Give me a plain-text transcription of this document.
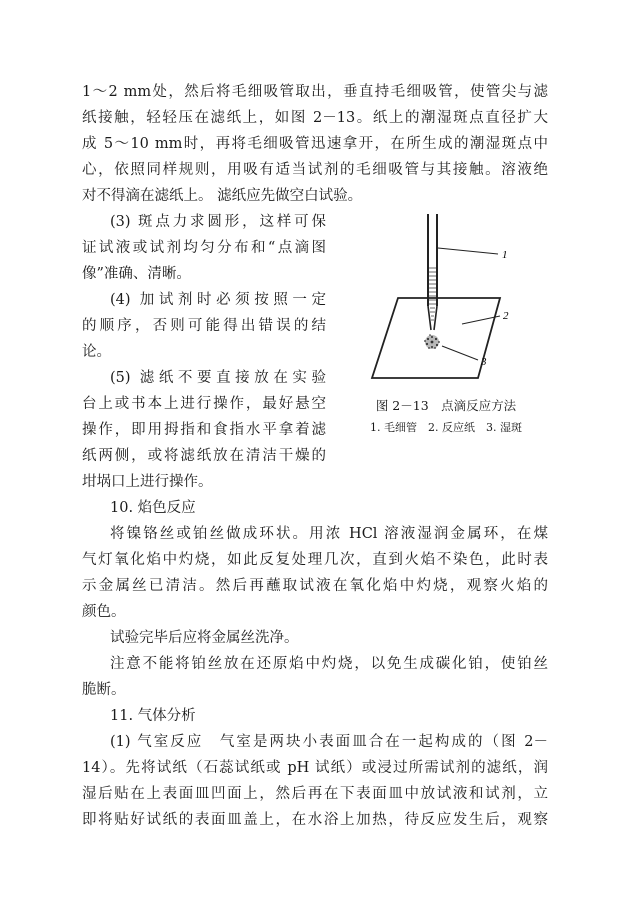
1～2 mm处，然后将毛细吸管取出，垂直持毛细吸管，使管尖与滤
纸接触，轻轻压在滤纸上，如图 2－13。纸上的潮湿斑点直径扩大
成 5～10 mm时，再将毛细吸管迅速拿开，在所生成的潮湿斑点中
心，依照同样规则，用吸有适当试剂的毛细吸管与其接触。溶液绝
对不得滴在滤纸上。 滤纸应先做空白试验。
(3) 斑点力求圆形，这样可保
证试液或试剂均匀分布和“点滴图
像”准确、清晰。
(4) 加试剂时必须按照一定
的顺序，否则可能得出错误的结
论。
(5) 滤纸不要直接放在实验
台上或书本上进行操作，最好悬空
操作，即用拇指和食指水平拿着滤
纸两侧，或将滤纸放在清洁干燥的
坩埚口上进行操作。
10. 焰色反应
将镍铬丝或铂丝做成环状。用浓 HCl 溶液湿润金属环，在煤
气灯氧化焰中灼烧，如此反复处理几次，直到火焰不染色，此时表
示金属丝已清洁。然后再蘸取试液在氧化焰中灼烧，观察火焰的
颜色。
试验完毕后应将金属丝洗净。
注意不能将铂丝放在还原焰中灼烧，以免生成碳化铂，使铂丝
脆断。
11. 气体分析
(1) 气室反应　气室是两块小表面皿合在一起构成的（图 2－
14）。先将试纸（石蕊试纸或 pH 试纸）或浸过所需试剂的滤纸，润
湿后贴在上表面皿凹面上，然后再在下表面皿中放试液和试剂，立
即将贴好试纸的表面皿盖上，在水浴上加热，待反应发生后，观察
1
2
3
图 2－13　点滴反应方法
1. 毛细管　2. 反应纸　3. 湿斑
